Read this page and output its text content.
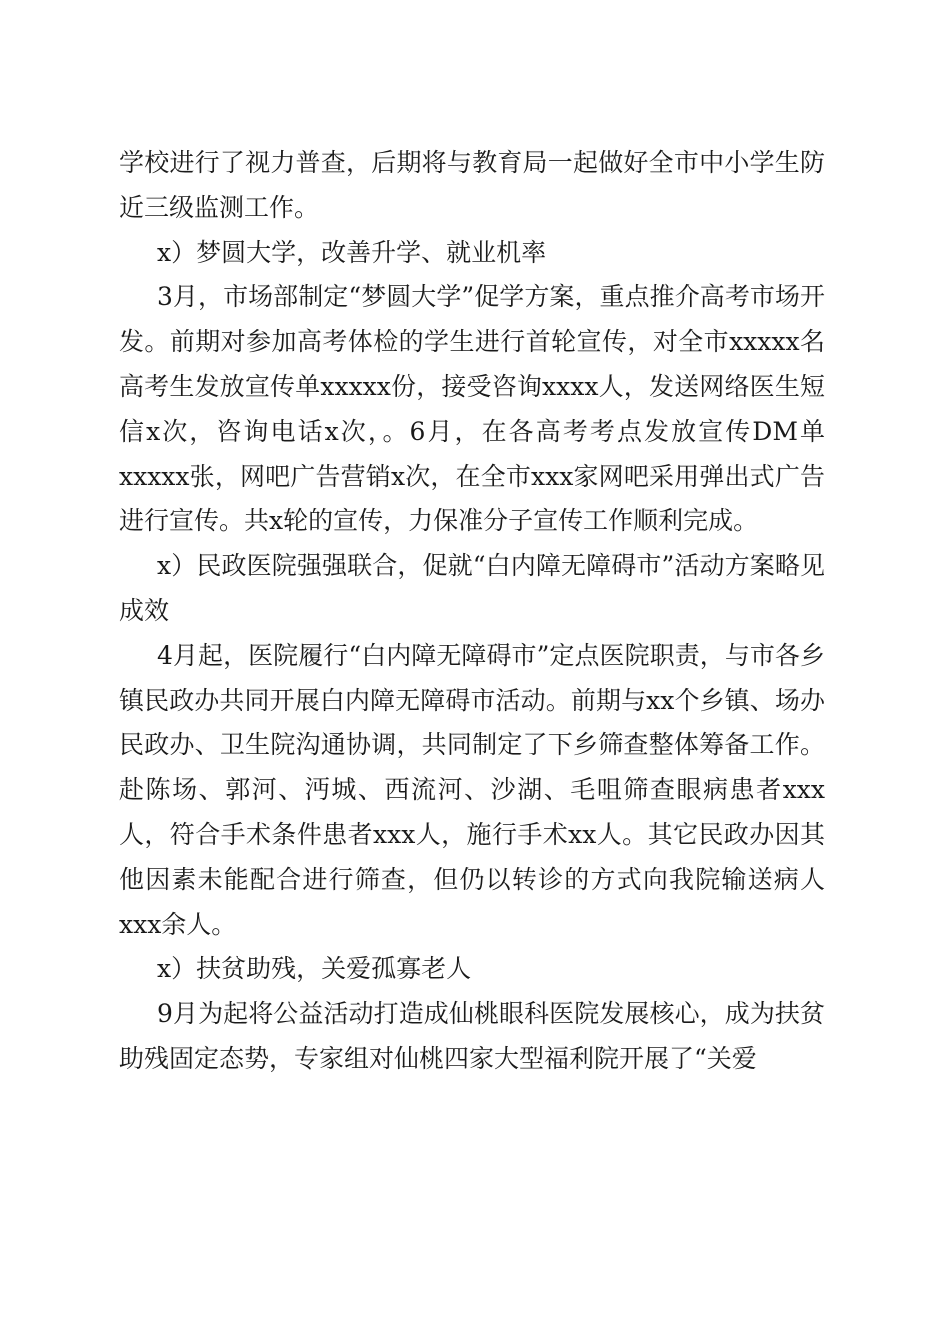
学校进行了视力普查，后期将与教育局一起做好全市中小学生防近三级监测工作。

x）梦圆大学，改善升学、就业机率

3月，市场部制定“梦圆大学”促学方案，重点推介高考市场开发。前期对参加高考体检的学生进行首轮宣传，对全市xxxxx名高考生发放宣传单xxxxx份，接受咨询xxxx人，发送网络医生短信x次，咨询电话x次，。6月，在各高考考点发放宣传DM单xxxxx张，网吧广告营销x次，在全市xxx家网吧采用弹出式广告进行宣传。共x轮的宣传，力保准分子宣传工作顺利完成。

x）民政医院强强联合，促就“白内障无障碍市”活动方案略见成效

4月起，医院履行“白内障无障碍市”定点医院职责，与市各乡镇民政办共同开展白内障无障碍市活动。前期与xx个乡镇、场办民政办、卫生院沟通协调，共同制定了下乡筛查整体筹备工作。赴陈场、郭河、沔城、西流河、沙湖、毛咀筛查眼病患者xxx人，符合手术条件患者xxx人，施行手术xx人。其它民政办因其他因素未能配合进行筛查，但仍以转诊的方式向我院输送病人xxx余人。

x）扶贫助残，关爱孤寡老人

9月为起将公益活动打造成仙桃眼科医院发展核心，成为扶贫助残固定态势，专家组对仙桃四家大型福利院开展了“关爱
